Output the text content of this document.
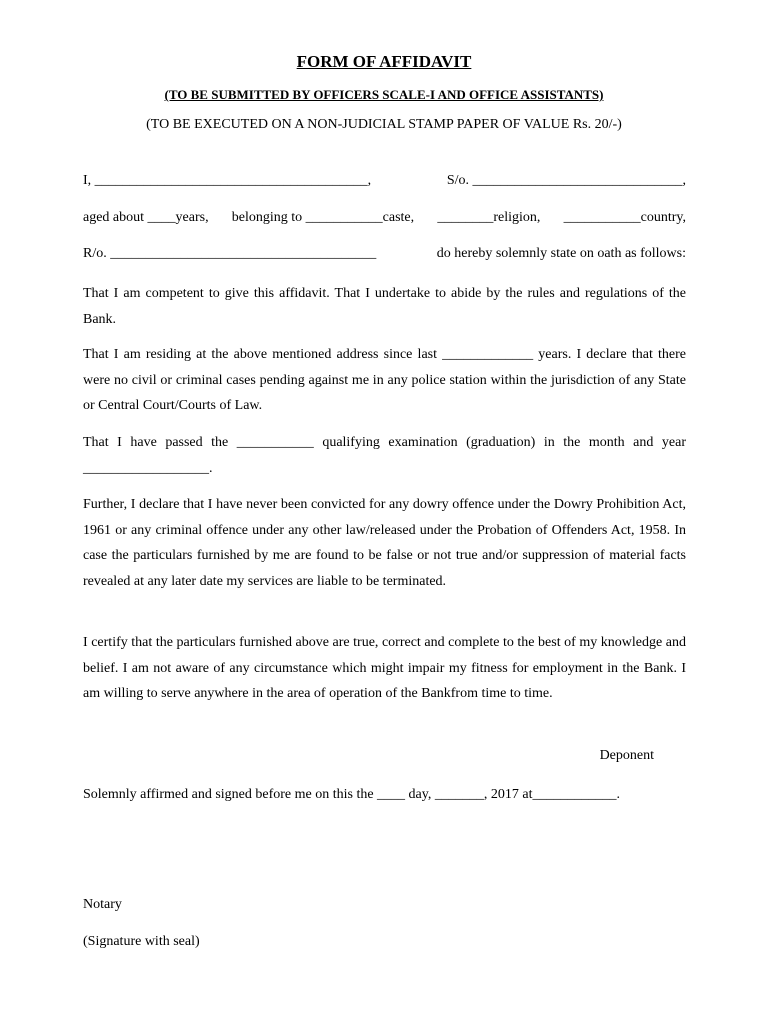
FORM OF AFFIDAVIT
(TO BE SUBMITTED BY OFFICERS SCALE-I AND OFFICE ASSISTANTS)
(TO BE EXECUTED ON A NON-JUDICIAL STAMP PAPER OF VALUE Rs. 20/-)
I, _______________________________________,	S/o. ______________________________,
aged about ____years, belonging to ___________caste, ________religion, ___________country,
R/o. ______________________________________	do hereby solemnly state on oath as follows:
That I am competent to give this affidavit. That I undertake to abide by the rules and regulations of the Bank.
That I am residing at the above mentioned address since last _____________ years. I declare that there were no civil or criminal cases pending against me in any police station within the jurisdiction of any State or Central Court/Courts of Law.
That I have passed the ___________ qualifying examination (graduation) in the month and year __________________.
Further, I declare that I have never been convicted for any dowry offence under the Dowry Prohibition Act, 1961 or any criminal offence under any other law/released under the Probation of Offenders Act, 1958. In case the particulars furnished by me are found to be false or not true and/or suppression of material facts revealed at any later date my services are liable to be terminated.
I certify that the particulars furnished above are true, correct and complete to the best of my knowledge and belief. I am not aware of any circumstance which might impair my fitness for employment in the Bank. I am willing to serve anywhere in the area of operation of the Bankfrom time to time.
Deponent
Solemnly affirmed and signed before me on this the ____ day, _______, 2017 at____________.
Notary
(Signature with seal)
